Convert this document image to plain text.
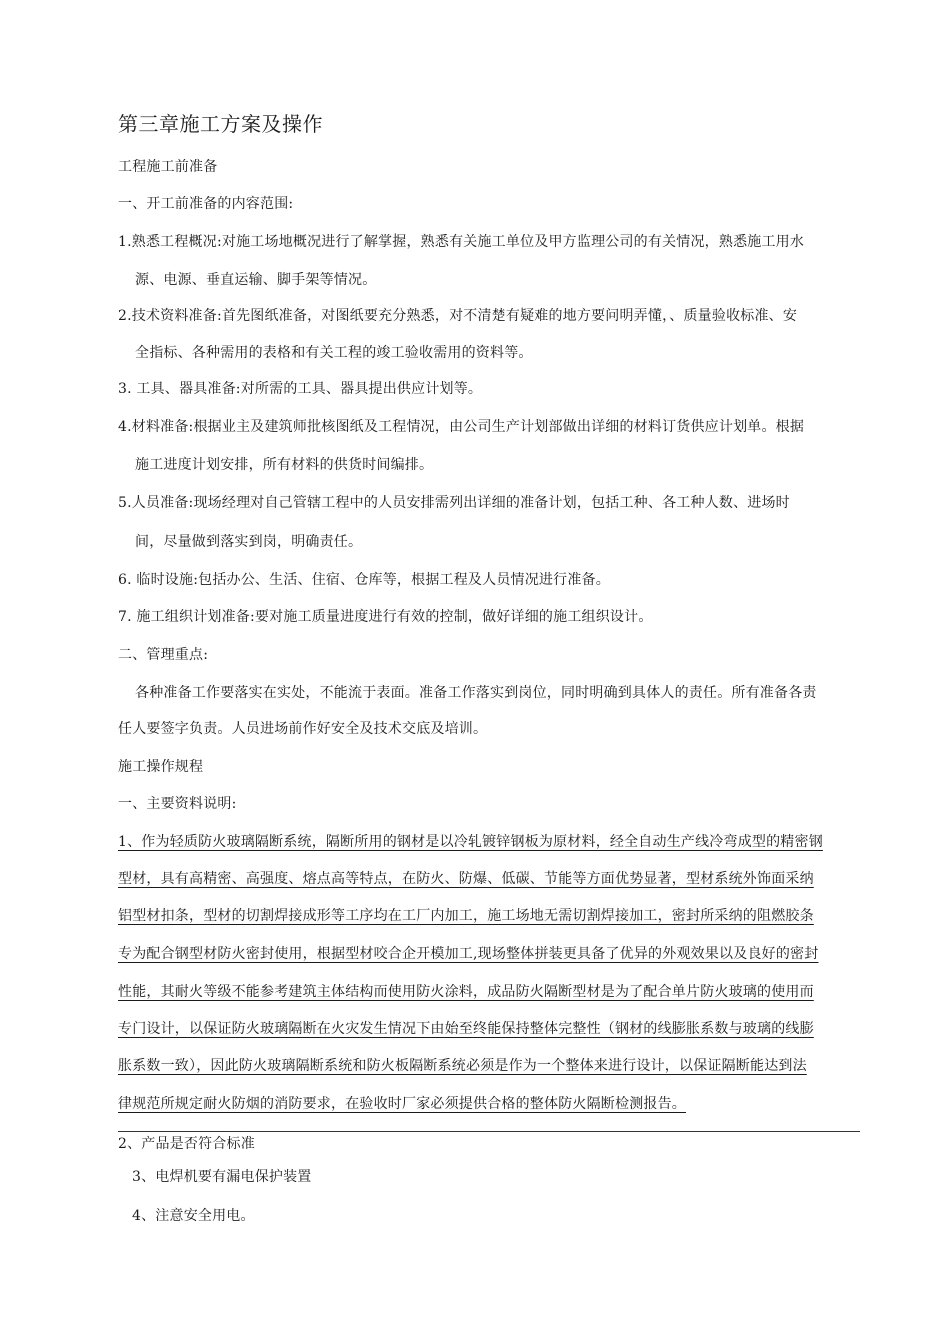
第三章施工方案及操作
工程施工前准备
一、开工前准备的内容范围:
1.熟悉工程概况:对施工场地概况进行了解掌握，熟悉有关施工单位及甲方监理公司的有关情况，熟悉施工用水
源、电源、垂直运输、脚手架等情况。
2.技术资料准备:首先图纸准备，对图纸要充分熟悉，对不清楚有疑难的地方要问明弄懂，、质量验收标准、安
全指标、各种需用的表格和有关工程的竣工验收需用的资料等。
3. 工具、器具准备:对所需的工具、器具提出供应计划等。
4.材料准备:根据业主及建筑师批核图纸及工程情况，由公司生产计划部做出详细的材料订货供应计划单。根据
施工进度计划安排，所有材料的供货时间编排。
5.人员准备:现场经理对自己管辖工程中的人员安排需列出详细的准备计划，包括工种、各工种人数、进场时
间，尽量做到落实到岗，明确责任。
6. 临时设施:包括办公、生活、住宿、仓库等，根据工程及人员情况进行准备。
7. 施工组织计划准备:要对施工质量进度进行有效的控制，做好详细的施工组织设计。
二、管理重点:
各种准备工作要落实在实处，不能流于表面。准备工作落实到岗位，同时明确到具体人的责任。所有准备各责
任人要签字负责。人员进场前作好安全及技术交底及培训。
施工操作规程
一、主要资料说明:
1、作为轻质防火玻璃隔断系统，隔断所用的钢材是以冷轧镀锌钢板为原材料，经全自动生产线冷弯成型的精密钢
型材，具有高精密、高强度、熔点高等特点，在防火、防爆、低碳、节能等方面优势显著，型材系统外饰面采纳
铝型材扣条，型材的切割焊接成形等工序均在工厂内加工，施工场地无需切割焊接加工，密封所采纳的阻燃胶条
专为配合钢型材防火密封使用，根据型材咬合企开模加工,现场整体拼装更具备了优异的外观效果以及良好的密封
性能，其耐火等级不能参考建筑主体结构而使用防火涂料，成品防火隔断型材是为了配合单片防火玻璃的使用而
专门设计，以保证防火玻璃隔断在火灾发生情况下由始至终能保持整体完整性（钢材的线膨胀系数与玻璃的线膨
胀系数一致），因此防火玻璃隔断系统和防火板隔断系统必须是作为一个整体来进行设计，以保证隔断能达到法
律规范所规定耐火防烟的消防要求，在验收时厂家必须提供合格的整体防火隔断检测报告。
2、产品是否符合标准
3、电焊机要有漏电保护装置
4、注意安全用电。
